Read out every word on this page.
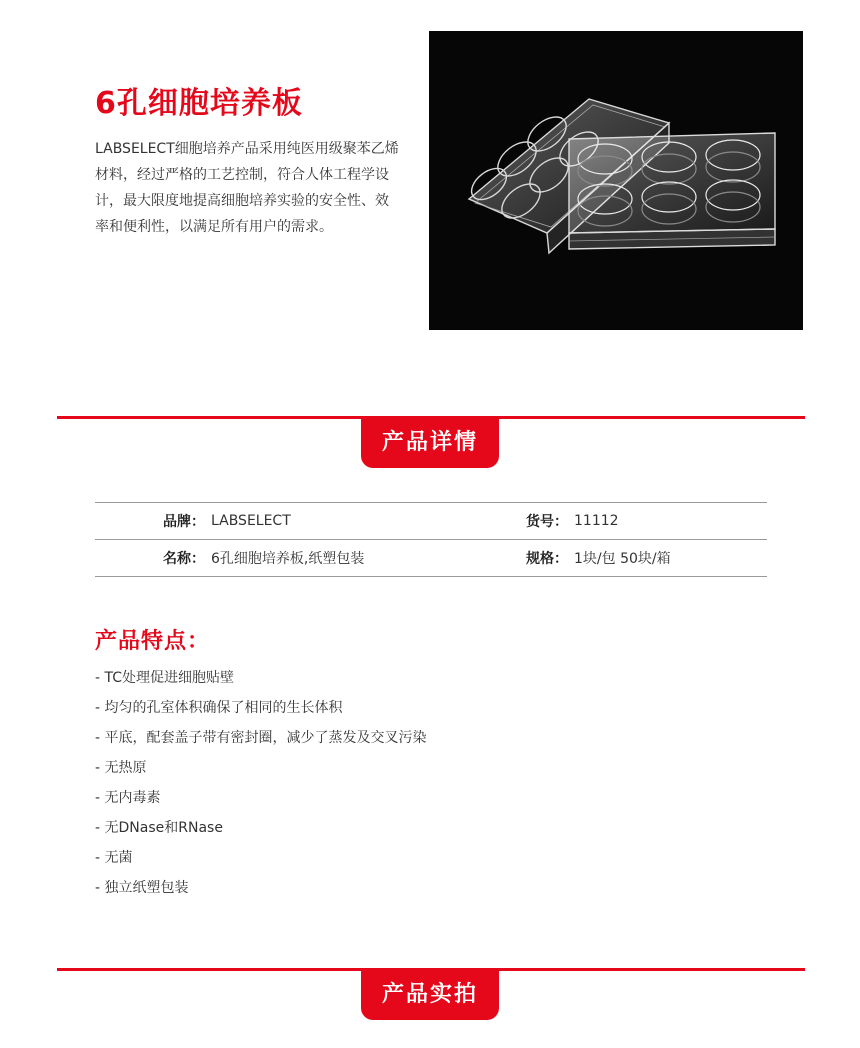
6孔细胞培养板
LABSELECT细胞培养产品采用纯医用级聚苯乙烯材料，经过严格的工艺控制，符合人体工程学设计，最大限度地提高细胞培养实验的安全性、效率和便利性，以满足所有用户的需求。
产品详情
品牌： LABSELECT	货号： 11112
名称： 6孔细胞培养板,纸塑包装	规格： 1块/包 50块/箱
产品特点：
- TC处理促进细胞贴壁
- 均匀的孔室体积确保了相同的生长体积
- 平底，配套盖子带有密封圈，减少了蒸发及交叉污染
- 无热原
- 无内毒素
- 无DNase和RNase
- 无菌
- 独立纸塑包装
产品实拍
